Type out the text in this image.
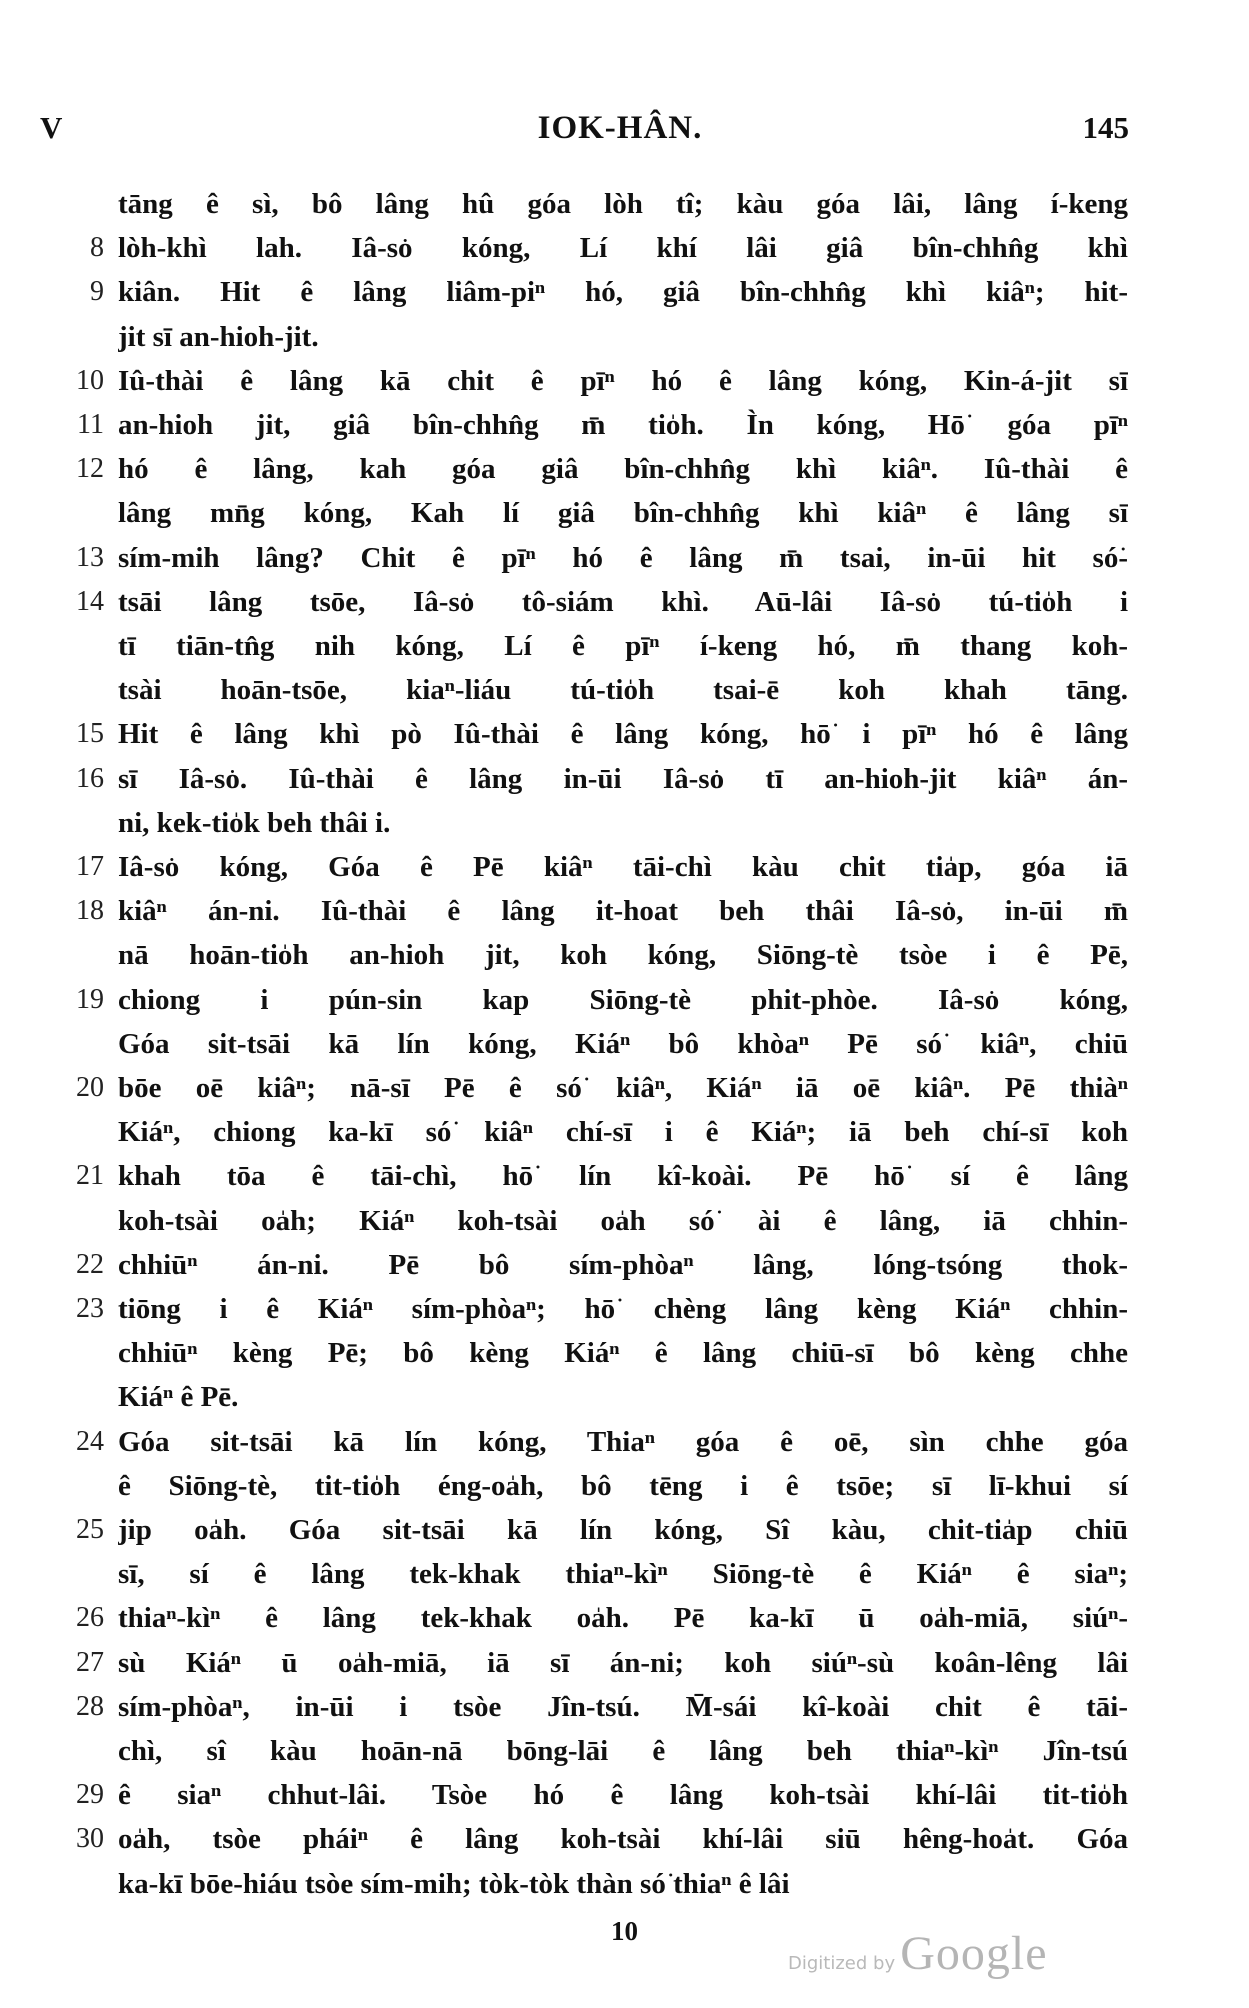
V	IOK-HÂN.	145
tāng ê sì, bô lâng hû góa lòh tî; kàu góa lâi, lâng í-keng
8 lòh-khì lah. Iâ-so͘ kóng, Lí khí lâi giâ bîn-chhn̂g khì
9 kiân. Hit ê lâng liâm-piⁿ hó, giâ bîn-chhn̂g khì kiâⁿ; hit-
jit sī an-hioh-jit.
10 Iû-thài ê lâng kā chit ê pīⁿ hó ê lâng kóng, Kin-á-jit sī
11 an-hioh jit, giâ bîn-chhn̂g m̄ tio̍h. Ìn kóng, Hō͘ góa pīⁿ
12 hó ê lâng, kah góa giâ bîn-chhn̂g khì kiâⁿ. Iû-thài ê
lâng mn̄g kóng, Kah lí giâ bîn-chhn̂g khì kiâⁿ ê lâng sī
13 sím-mih lâng? Chit ê pīⁿ hó ê lâng m̄ tsai, in-ūi hit só͘-
14 tsāi lâng tsōe, Iâ-so͘ tô-siám khì. Aū-lâi Iâ-so͘ tú-tio̍h i
tī tiān-tn̂g nih kóng, Lí ê pīⁿ í-keng hó, m̄ thang koh-
tsài hoān-tsōe, kiaⁿ-liáu tú-tio̍h tsai-ē koh khah tāng.
15 Hit ê lâng khì pò Iû-thài ê lâng kóng, hō͘ i pīⁿ hó ê lâng
16 sī Iâ-so͘. Iû-thài ê lâng in-ūi Iâ-so͘ tī an-hioh-jit kiâⁿ án-
ni, kek-tio̍k beh thâi i.
17 Iâ-so͘ kóng, Góa ê Pē kiâⁿ tāi-chì kàu chit tia̍p, góa iā
18 kiâⁿ án-ni. Iû-thài ê lâng it-hoat beh thâi Iâ-so͘, in-ūi m̄
nā hoān-tio̍h an-hioh jit, koh kóng, Siōng-tè tsòe i ê Pē,
19 chiong i pún-sin kap Siōng-tè phit-phòe. Iâ-so͘ kóng,
Góa sit-tsāi kā lín kóng, Kiáⁿ bô khòaⁿ Pē só͘ kiâⁿ, chiū
20 bōe oē kiâⁿ; nā-sī Pē ê só͘ kiâⁿ, Kiáⁿ iā oē kiâⁿ. Pē thiàⁿ
Kiáⁿ, chiong ka-kī só͘ kiâⁿ chí-sī i ê Kiáⁿ; iā beh chí-sī koh
21 khah tōa ê tāi-chì, hō͘ lín kî-koài. Pē hō͘ sí ê lâng
koh-tsài oa̍h; Kiáⁿ koh-tsài oa̍h só͘ ài ê lâng, iā chhin-
22 chhiūⁿ án-ni. Pē bô sím-phòaⁿ lâng, lóng-tsóng thok-
23 tiōng i ê Kiáⁿ sím-phòaⁿ; hō͘ chèng lâng kèng Kiáⁿ chhin-
chhiūⁿ kèng Pē; bô kèng Kiáⁿ ê lâng chiū-sī bô kèng chhe
Kiáⁿ ê Pē.
24 Góa sit-tsāi kā lín kóng, Thiaⁿ góa ê oē, sìn chhe góa
ê Siōng-tè, tit-tio̍h éng-oa̍h, bô tēng i ê tsōe; sī lī-khui sí
25 jip oa̍h. Góa sit-tsāi kā lín kóng, Sî kàu, chit-tia̍p chiū
sī, sí ê lâng tek-khak thiaⁿ-kìⁿ Siōng-tè ê Kiáⁿ ê siaⁿ;
26 thiaⁿ-kìⁿ ê lâng tek-khak oa̍h. Pē ka-kī ū oa̍h-miā, siúⁿ-
27 sù Kiáⁿ ū oa̍h-miā, iā sī án-ni; koh siúⁿ-sù koân-lêng lâi
28 sím-phòaⁿ, in-ūi i tsòe Jîn-tsú. M̄-sái kî-koài chit ê tāi-
chì, sî kàu hoān-nā bōng-lāi ê lâng beh thiaⁿ-kìⁿ Jîn-tsú
29 ê siaⁿ chhut-lâi. Tsòe hó ê lâng koh-tsài khí-lâi tit-tio̍h
30 oa̍h, tsòe pháiⁿ ê lâng koh-tsài khí-lâi siū hêng-hoa̍t. Góa
ka-kī bōe-hiáu tsòe sím-mih; tòk-tòk thàn só͘ thiaⁿ ê lâi
10
Digitized by Google
